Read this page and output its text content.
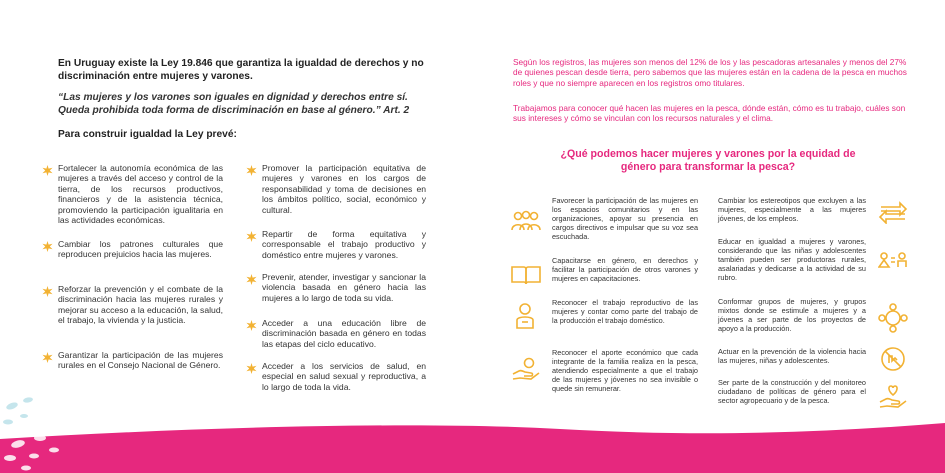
En Uruguay existe la Ley 19.846 que garantiza la igualdad de derechos y no discriminación entre mujeres y varones.
“Las mujeres y los varones son iguales en dignidad y derechos entre sí. Queda prohibida toda forma de discriminación en base al género.” Art. 2
Para construir igualdad la Ley prevé:
Fortalecer la autonomía económica de las mujeres a través del acceso y control de la tierra, de los recursos productivos, financieros y de la asistencia técnica, promoviendo la participación igualitaria en las actividades económicas.
Cambiar los patrones culturales que reproducen prejuicios hacia las mujeres.
Reforzar la prevención y el combate de la discriminación hacia las mujeres rurales y mejorar su acceso a la educación, la salud, el trabajo, la vivienda y la justicia.
Garantizar la participación de las mujeres rurales en el Consejo Nacional de Género.
Promover la participación equitativa de mujeres y varones en los cargos de responsabilidad y toma de decisiones en los ámbitos político, social, económico y cultural.
Repartir de forma equitativa y corresponsable el trabajo productivo y doméstico entre mujeres y varones.
Prevenir, atender, investigar y sancionar la violencia basada en género hacia las mujeres a lo largo de toda su vida.
Acceder a una educación libre de discriminación basada en género en todas las etapas del ciclo educativo.
Acceder a los servicios de salud, en especial en salud sexual y reproductiva, a lo largo de toda la vida.
Según los registros, las mujeres son menos del 12% de los y las pescadoras artesanales y menos del 27% de quienes pescan desde tierra, pero sabemos que las mujeres están en la cadena de la pesca en muchos roles y que no siempre aparecen en los registros omo titulares.
Trabajamos para conocer qué hacen las mujeres en la pesca, dónde están, cómo es tu trabajo, cuáles son sus intereses y cómo se vinculan con los recursos naturales y el clima.
¿Qué podemos hacer mujeres y varones por la equidad de género para transformar la pesca?
Favorecer la participación de las mujeres en los espacios comunitarios y en las organizaciones, apoyar su presencia en cargos directivos e impulsar que su voz sea escuchada.
Capacitarse en género, en derechos y facilitar la participación de otros varones y mujeres en capacitaciones.
Reconocer el trabajo reproductivo de las mujeres y contar como parte del trabajo de la producción el trabajo doméstico.
Reconocer el aporte económico que cada integrante de la familia realiza en la pesca, atendiendo especialmente a que el trabajo de las mujeres y jóvenes no sea invisible o quede sin remunerar.
Cambiar los estereotipos que excluyen a las mujeres, especialmente a las mujeres jóvenes, de los empleos.
Educar en igualdad a mujeres y varones, considerando que las niñas y adolescentes también pueden ser productoras rurales, asalariadas y dedicarse a la actividad de su rubro.
Conformar grupos de mujeres, y grupos mixtos donde se estimule a mujeres y a jóvenes a ser parte de los proyectos de apoyo a la producción.
Actuar en la prevención de la violencia hacia las mujeres, niñas y adolescentes.
Ser parte de la construcción y del monitoreo ciudadano de políticas de género para el sector agropecuario y de la pesca.
